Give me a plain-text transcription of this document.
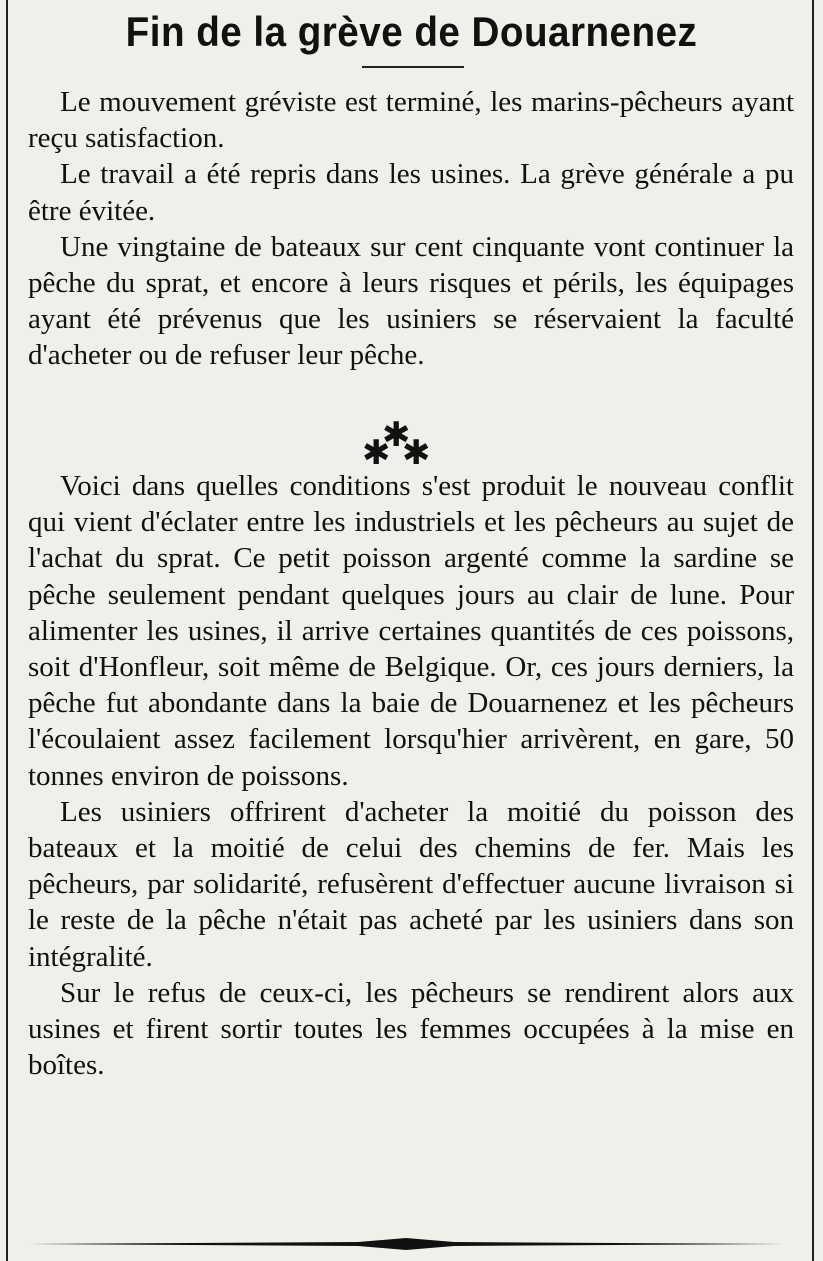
Fin de la grève de Douarnenez

Le mouvement gréviste est terminé, les marins-pêcheurs ayant reçu satisfaction.

Le travail a été repris dans les usines. La grève générale a pu être évitée.

Une vingtaine de bateaux sur cent cinquante vont continuer la pêche du sprat, et encore à leurs risques et périls, les équipages ayant été prévenus que les usiniers se réservaient la faculté d'acheter ou de refuser leur pêche.

✱
✱ ✱

Voici dans quelles conditions s'est produit le nouveau conflit qui vient d'éclater entre les industriels et les pêcheurs au sujet de l'achat du sprat. Ce petit poisson argenté comme la sardine se pêche seulement pendant quelques jours au clair de lune. Pour alimenter les usines, il arrive certaines quantités de ces poissons, soit d'Honfleur, soit même de Belgique. Or, ces jours derniers, la pêche fut abondante dans la baie de Douarnenez et les pêcheurs l'écoulaient assez facilement lorsqu'hier arrivèrent, en gare, 50 tonnes environ de poissons.

Les usiniers offrirent d'acheter la moitié du poisson des bateaux et la moitié de celui des chemins de fer. Mais les pêcheurs, par solidarité, refusèrent d'effectuer aucune livraison si le reste de la pêche n'était pas acheté par les usiniers dans son intégralité.

Sur le refus de ceux-ci, les pêcheurs se rendirent alors aux usines et firent sortir toutes les femmes occupées à la mise en boîtes.
